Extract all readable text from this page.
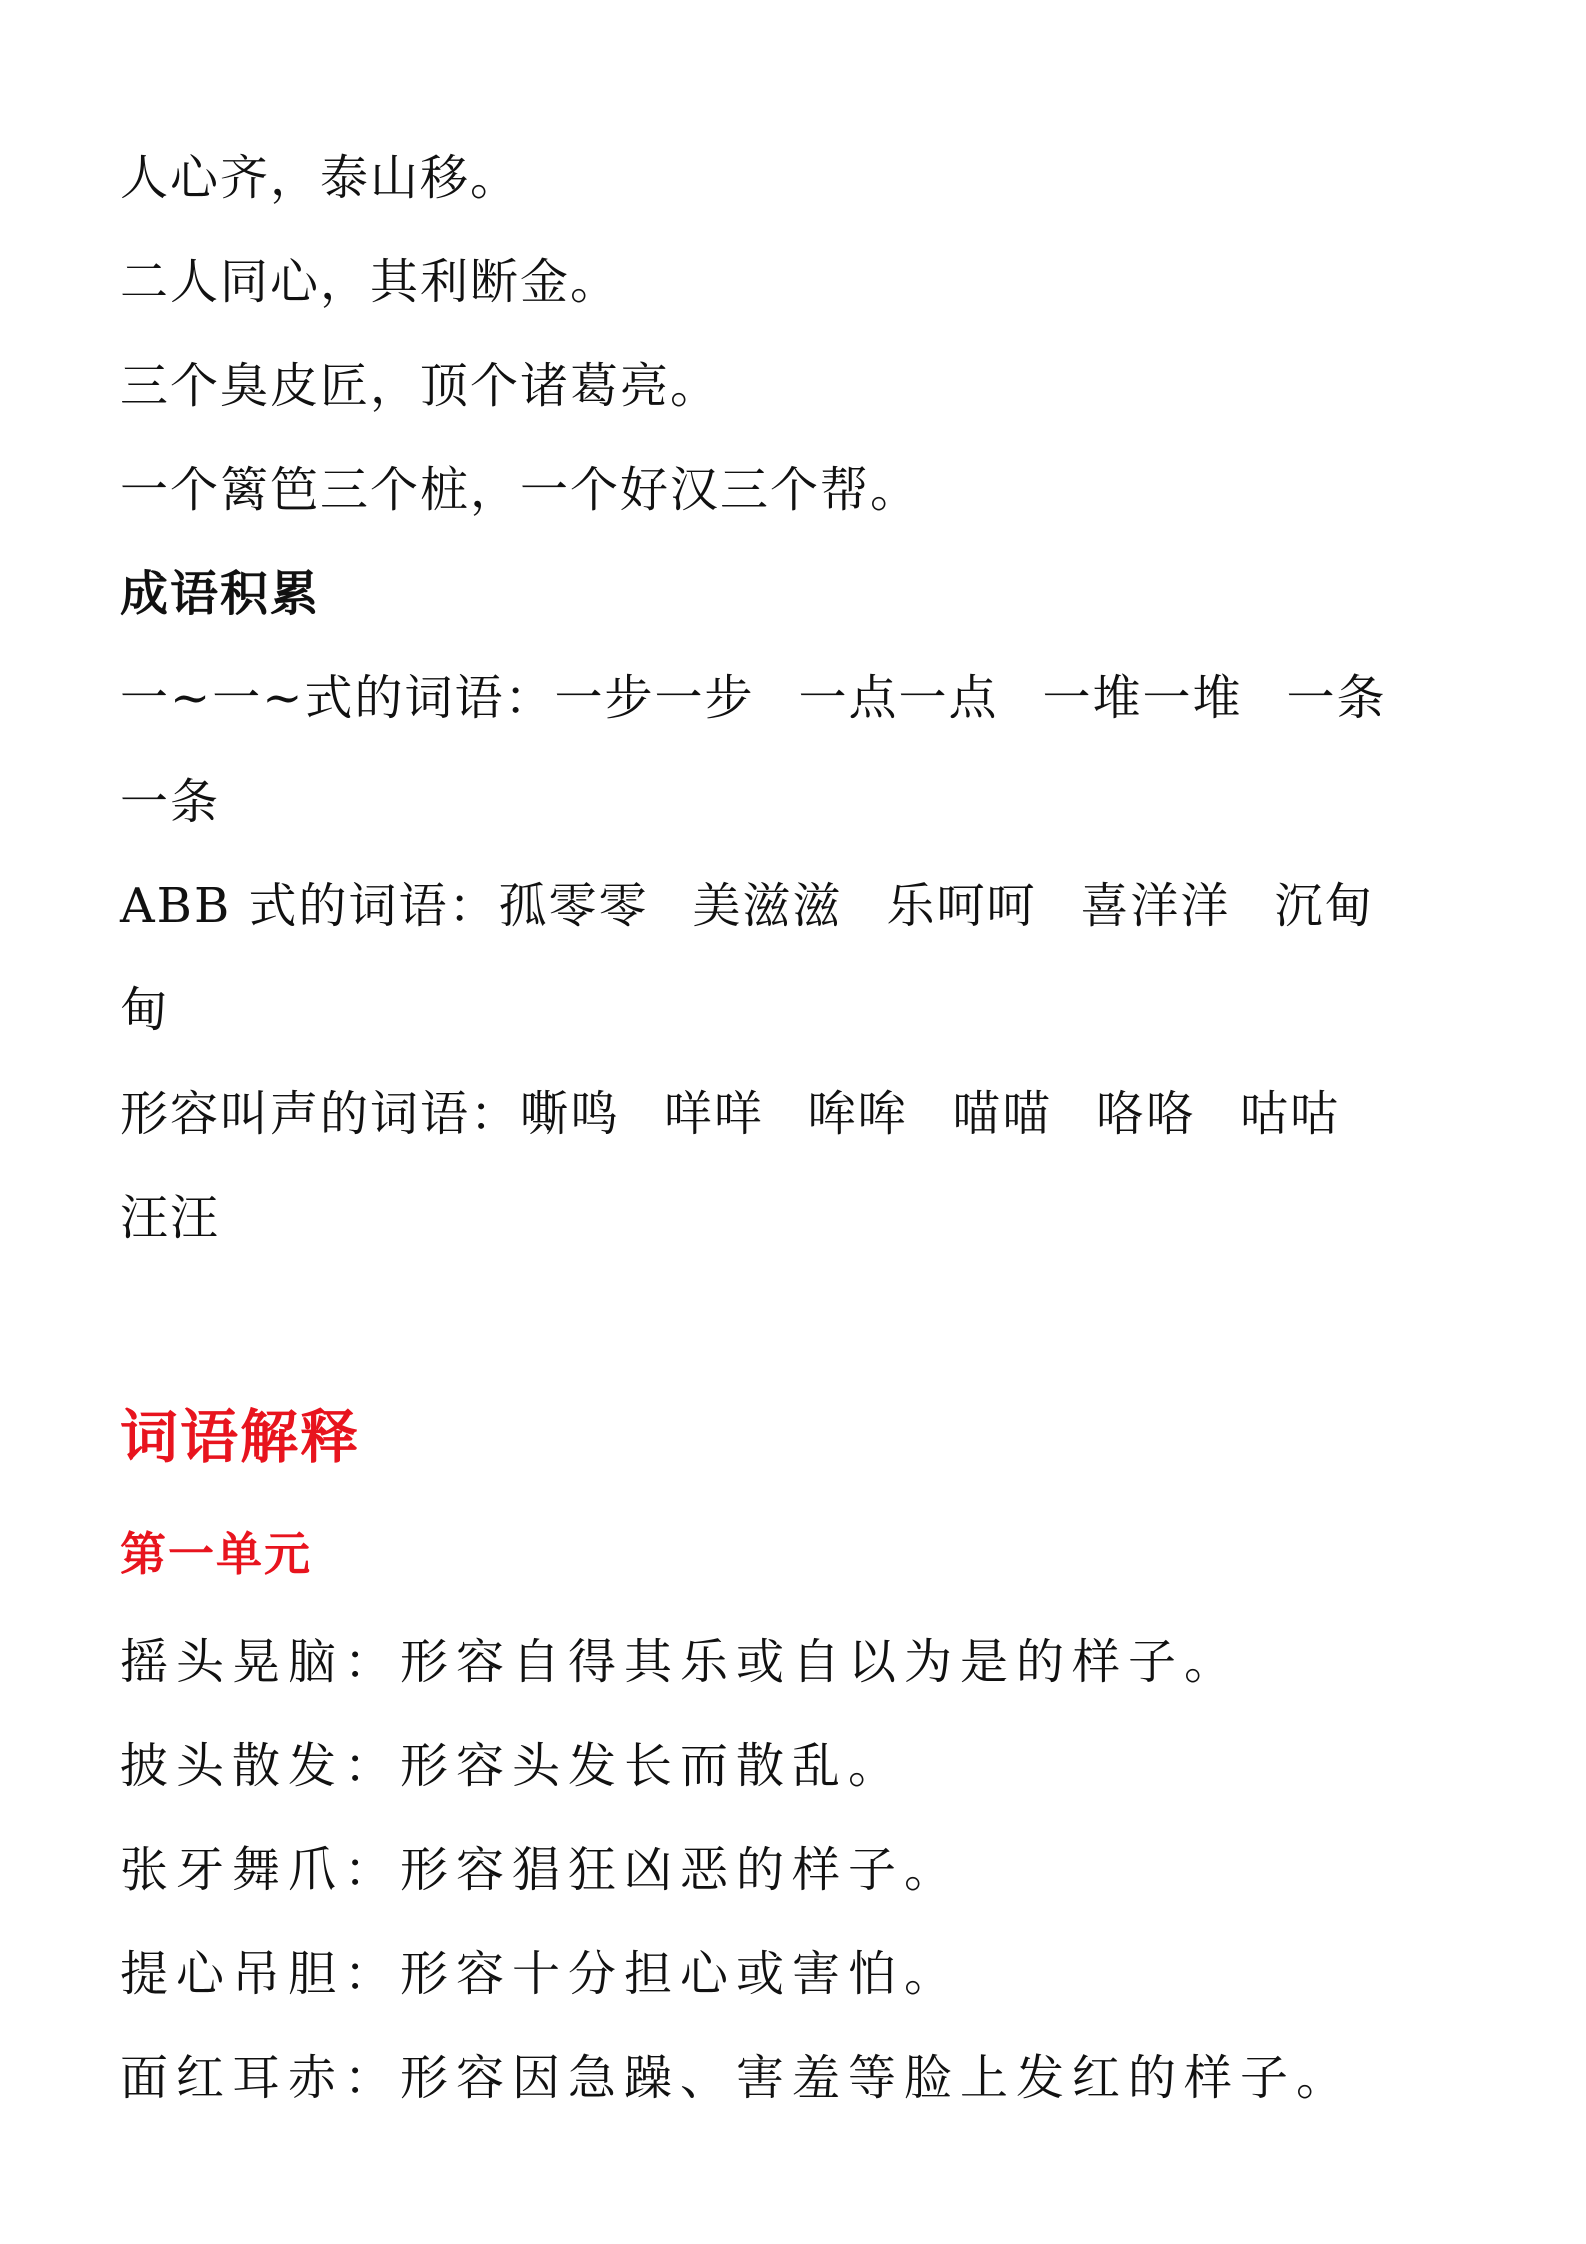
人心齐，泰山移。
二人同心，其利断金。
三个臭皮匠，顶个诸葛亮。
一个篱笆三个桩，一个好汉三个帮。
成语积累
一~一~式的词语：一步一步 一点一点 一堆一堆 一条
一条
ABB 式的词语：孤零零 美滋滋 乐呵呵 喜洋洋 沉甸
甸
形容叫声的词语：嘶鸣 咩咩 哞哞 喵喵 咯咯 咕咕
汪汪
词语解释
第一单元
摇头晃脑：形容自得其乐或自以为是的样子。
披头散发：形容头发长而散乱。
张牙舞爪：形容猖狂凶恶的样子。
提心吊胆：形容十分担心或害怕。
面红耳赤：形容因急躁、害羞等脸上发红的样子。
